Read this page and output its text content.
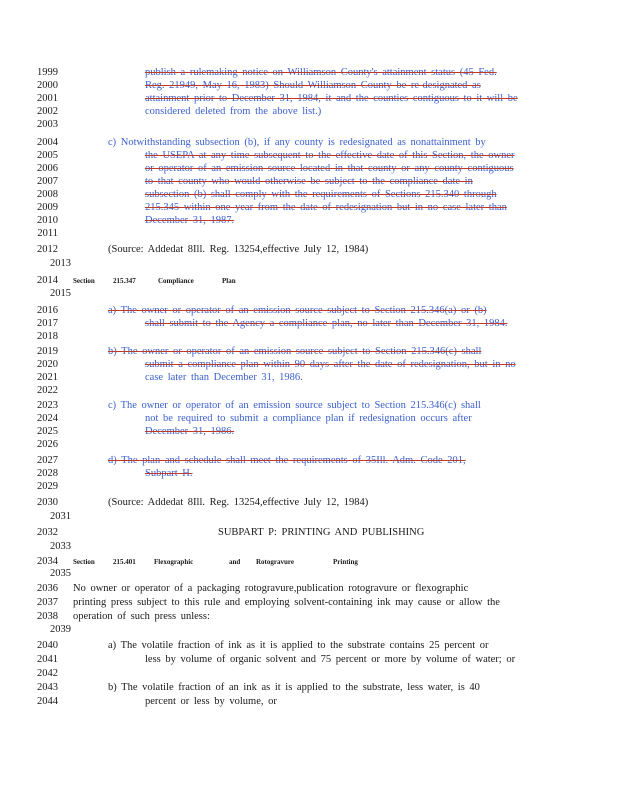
1999	publish a rulemaking notice on Williamson County's attainment status (45 Fed.
2000	Reg. 21949, May 16, 1983) Should Williamson County be re-designated as
2001	attainment prior to December 31, 1984, it and the counties contiguous to it will be
2002	considered deleted from the above list.)
2003
2004	c) Notwithstanding subsection (b), if any county is redesignated as nonattainment by
2005	the USEPA at any time subsequent to the effective date of this Section, the owner
2006	or operator of an emission source located in that county or any county contiguous
2007	to that county who would otherwise be subject to the compliance date in
2008	subsection (b) shall comply with the requirements of Sections 215.340 through
2009	215.345 within one year from the date of redesignation but in no case later than
2010	December 31, 1987.
2011
2012	(Source: Addedat 8Ill. Reg. 13254,effective July 12, 1984)
2013
2014 Section	215.347	Compliance	Plan
2015
2016	a) The owner or operator of an emission source subject to Section 215.346(a) or (b)
2017	shall submit to the Agency a compliance plan, no later than December 31, 1984.
2018
2019	b) The owner or operator of an emission source subject to Section 215.346(c) shall
2020	submit a compliance plan within 90 days after the date of redesignation, but in no
2021	case later than December 31, 1986.
2022
2023	c) The owner or operator of an emission source subject to Section 215.346(c) shall
2024	not be required to submit a compliance plan if redesignation occurs after
2025	December 31, 1986.
2026
2027	d) The plan and schedule shall meet the requirements of 35Ill. Adm. Code 201,
2028	Subpart H.
2029
2030	(Source: Addedat 8Ill. Reg. 13254,effective July 12, 1984)
2031
2032	SUBPART P: PRINTING AND PUBLISHING
2033
2034 Section	215.401	Flexographic	and Rotogravure	Printing
2035
2036 No owner or operator of a packaging rotogravure,publication rotogravure or flexographic
2037 printing press subject to this rule and employing solvent-containing ink may cause or allow the
2038 operation of such press unless:
2039
2040	a) The volatile fraction of ink as it is applied to the substrate contains 25 percent or
2041	less by volume of organic solvent and 75 percent or more by volume of water; or
2042
2043	b) The volatile fraction of an ink as it is applied to the substrate, less water, is 40
2044	percent or less by volume, or
